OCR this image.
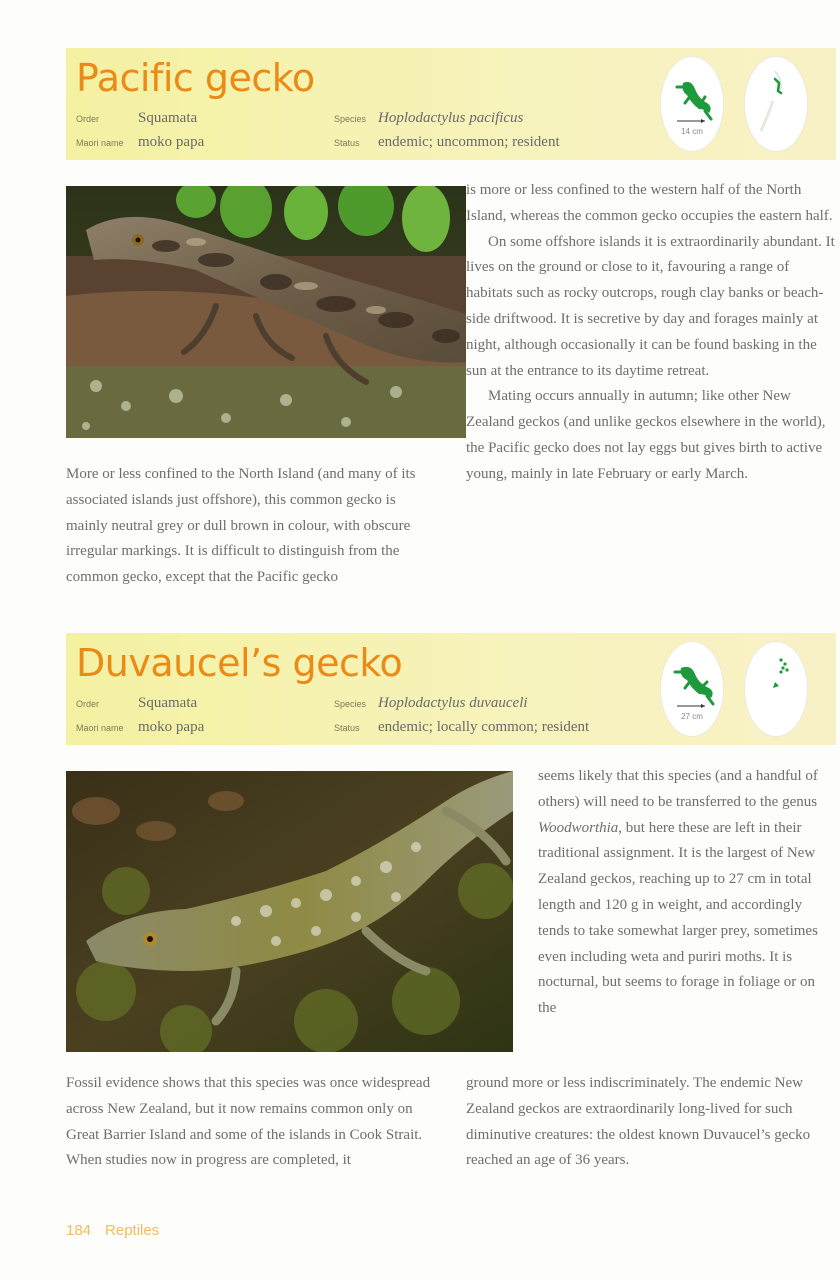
Pacific gecko
Order	Squamata
Maori name moko papa
Species Hoplodactylus pacificus
Status endemic; uncommon; resident
14 cm

More or less confined to the North Island (and many of its associated islands just offshore), this common gecko is mainly neutral grey or dull brown in colour, with obscure irregular markings. It is difficult to distinguish from the common gecko, except that the Pacific gecko

is more or less confined to the western half of the North Island, whereas the common gecko occupies the eastern half.

On some offshore islands it is extraordinarily abundant. It lives on the ground or close to it, favouring a range of habitats such as rocky outcrops, rough clay banks or beach-side driftwood. It is secretive by day and forages mainly at night, although occasionally it can be found basking in the sun at the entrance to its daytime retreat.

Mating occurs annually in autumn; like other New Zealand geckos (and unlike geckos elsewhere in the world), the Pacific gecko does not lay eggs but gives birth to active young, mainly in late February or early March.

Duvaucel’s gecko
Order	Squamata
Maori name moko papa
Species Hoplodactylus duvauceli
Status endemic; locally common; resident
27 cm

seems likely that this species (and a handful of others) will need to be transferred to the genus Woodworthia, but here these are left in their traditional assignment. It is the largest of New Zealand geckos, reaching up to 27 cm in total length and 120 g in weight, and accordingly tends to take somewhat larger prey, sometimes even including weta and puriri moths. It is nocturnal, but seems to forage in foliage or on the

Fossil evidence shows that this species was once widespread across New Zealand, but it now remains common only on Great Barrier Island and some of the islands in Cook Strait. When studies now in progress are completed, it

ground more or less indiscriminately. The endemic New Zealand geckos are extraordinarily long-lived for such diminutive creatures: the oldest known Duvaucel’s gecko reached an age of 36 years.

184 Reptiles
